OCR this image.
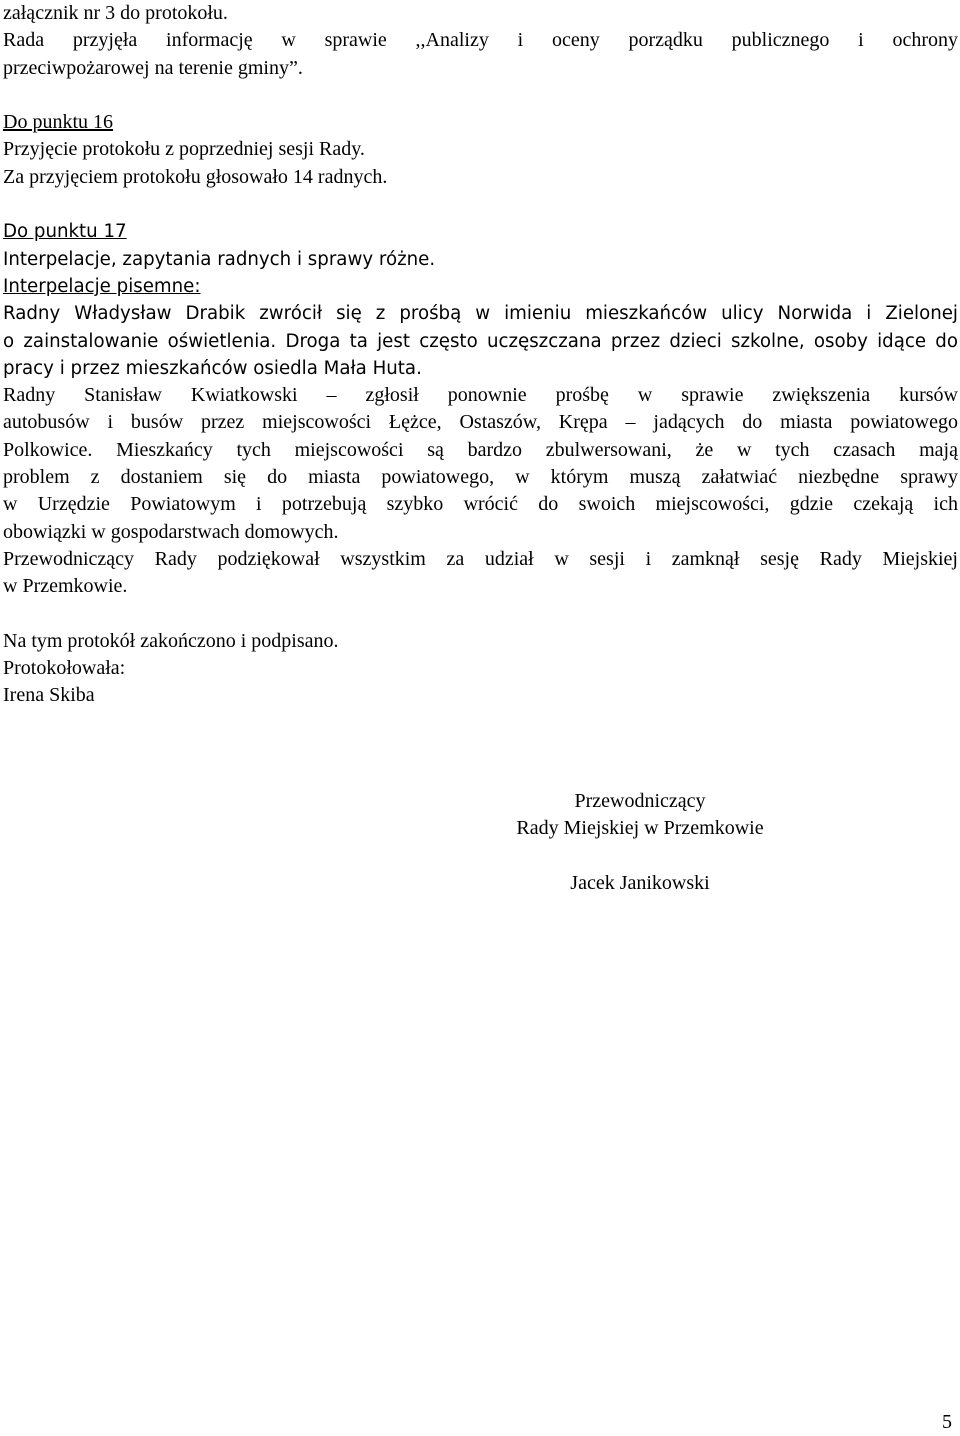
załącznik nr 3 do protokołu.
Rada przyjęła informację w sprawie ,,Analizy i oceny porządku publicznego i ochrony
przeciwpożarowej na terenie gminy”.
Do punktu 16
Przyjęcie protokołu z poprzedniej sesji Rady.
Za przyjęciem protokołu głosowało 14 radnych.
Do punktu 17
Interpelacje, zapytania radnych i sprawy różne.
Interpelacje pisemne:
Radny Władysław Drabik zwrócił się z prośbą w imieniu mieszkańców ulicy Norwida i Zielonej
o zainstalowanie oświetlenia. Droga ta jest często uczęszczana przez dzieci szkolne, osoby idące do
pracy i przez mieszkańców osiedla Mała Huta.
Radny Stanisław Kwiatkowski – zgłosił ponownie prośbę w sprawie zwiększenia kursów
autobusów i busów przez miejscowości Łężce, Ostaszów, Krępa – jadących do miasta powiatowego
Polkowice. Mieszkańcy tych miejscowości są bardzo zbulwersowani, że w tych czasach mają
problem z dostaniem się do miasta powiatowego, w którym muszą załatwiać niezbędne sprawy
w Urzędzie Powiatowym i potrzebują szybko wrócić do swoich miejscowości, gdzie czekają ich
obowiązki w gospodarstwach domowych.
Przewodniczący Rady podziękował wszystkim za udział w sesji i zamknął sesję Rady Miejskiej
w Przemkowie.
Na tym protokół zakończono i podpisano.
Protokołowała:
Irena Skiba
Przewodniczący
Rady Miejskiej w Przemkowie
Jacek Janikowski
5
